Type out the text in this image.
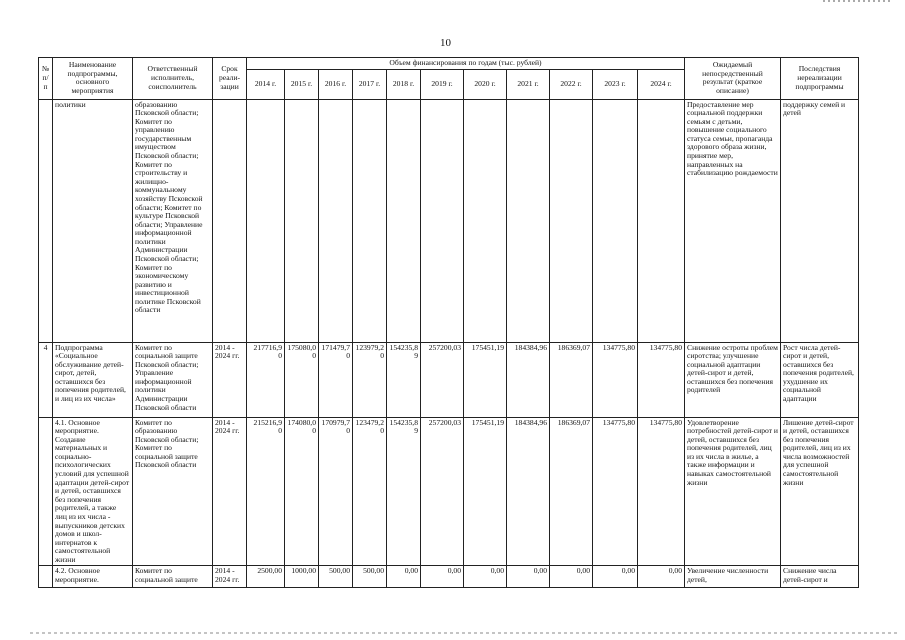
10
№ п/ п	Наименование подпрограммы, основного мероприятия	Ответственный исполнитель, соисполнитель	Срок реали-зации	Объем финансирования по годам (тыс. рублей)											Ожидаемый непосредственный результат (краткое описание)	Последствия нереализации подпрограммы
				2014 г.	2015 г.	2016 г.	2017 г.	2018 г.	2019 г.	2020 г.	2021 г.	2022 г.	2023 г.	2024 г.		
	политики	образованию Псковской области; Комитет по управлению государственным имуществом Псковской области; Комитет по строительству и жилищно-коммунальному хозяйству Псковской области; Комитет по культуре Псковской области; Управление информационной политики Администрации Псковской области; Комитет по экономическому развитию и инвестиционной политике Псковской области													Предоставление мер социальной поддержки семьям с детьми, повышение социального статуса семьи, пропаганда здорового образа жизни, принятие мер, направленных на стабилизацию рождаемости	поддержку семей и детей
4	Подпрограмма «Социальное обслуживание детей-сирот, детей, оставшихся без попечения родителей, и лиц из их числа»	Комитет по социальной защите Псковской области; Управление информационной политики Администрации Псковской области	2014 - 2024 гг.	217716,9 0	175080,0 0	171479,7 0	123979,2 0	154235,8 9	257200,03	175451,19	184384,96	186369,07	134775,80	134775,80	Снижение остроты проблем сиротства; улучшение социальной адаптации детей-сирот и детей, оставшихся без попечения родителей	Рост числа детей-сирот и детей, оставшихся без попечения родителей, ухудшение их социальной адаптации
	4.1. Основное мероприятие. Создание материальных и социально-психологических условий для успешной адаптации детей-сирот и детей, оставшихся без попечения родителей, а также лиц из их числа - выпускников детских домов и школ-интернатов к самостоятельной жизни	Комитет по образованию Псковской области; Комитет по социальной защите Псковской области	2014 - 2024 гг.	215216,9 0	174080,0 0	170979,7 0	123479,2 0	154235,8 9	257200,03	175451,19	184384,96	186369,07	134775,80	134775,80	Удовлетворение потребностей детей-сирот и детей, оставшихся без попечения родителей, лиц из их числа в жилье, а также информации и навыках самостоятельной жизни	Лишение детей-сирот и детей, оставшихся без попечения родителей, лиц из их числа возможностей для успешной самостоятельной жизни
	4.2. Основное мероприятие.	Комитет по социальной защите	2014 - 2024 гг.	2500,00	1000,00	500,00	500,00	0,00	0,00	0,00	0,00	0,00	0,00	0,00	Увеличение численности детей,	Снижение числа детей-сирот и
